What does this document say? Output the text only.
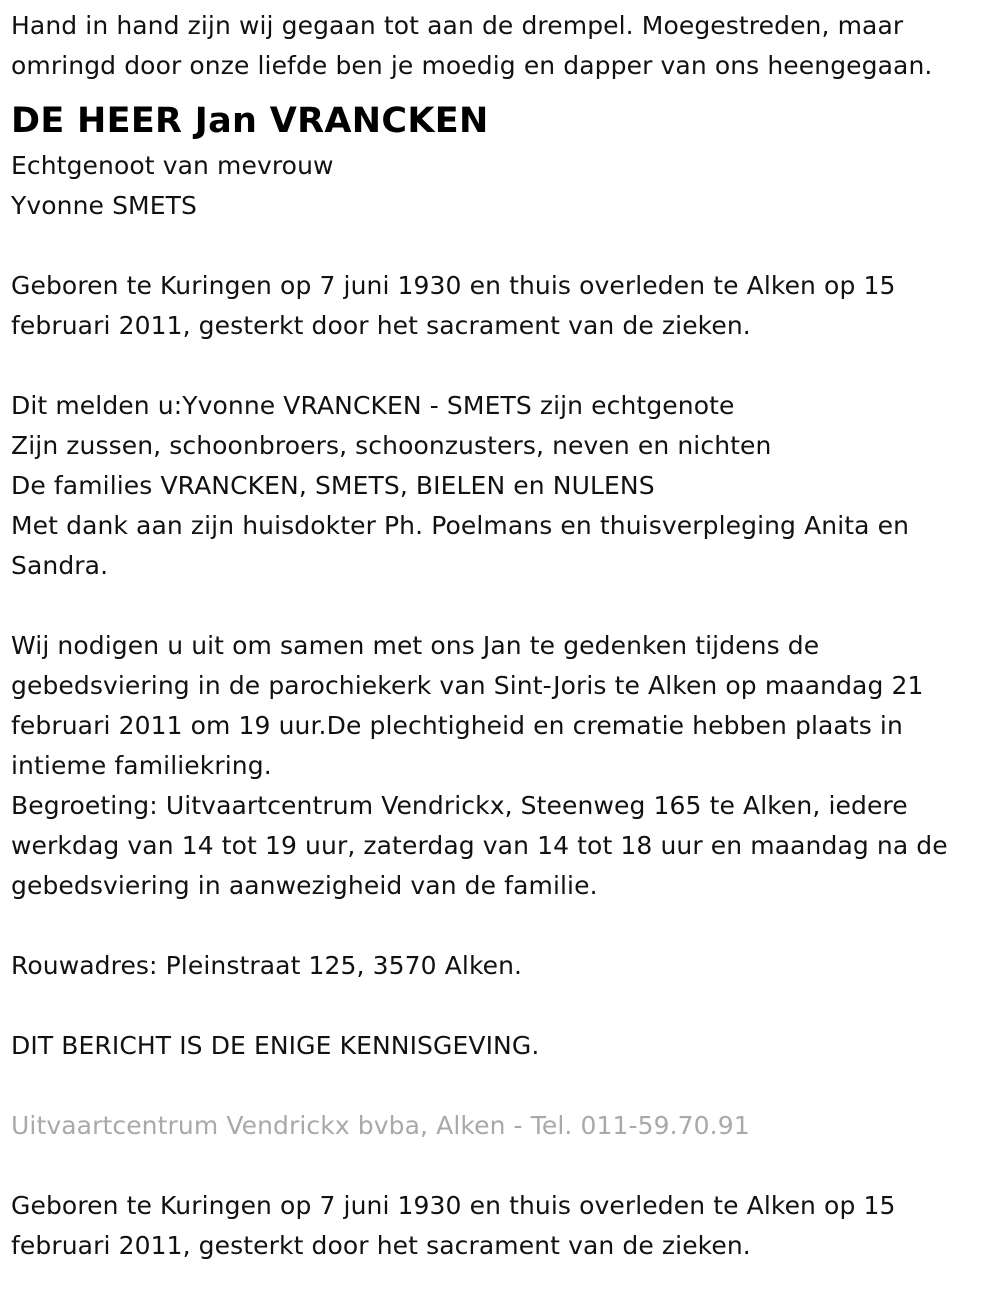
Hand in hand zijn wij gegaan tot aan de drempel. Moegestreden, maar
omringd door onze liefde ben je moedig en dapper van ons heengegaan.
DE HEER Jan VRANCKEN
Echtgenoot van mevrouw
Yvonne SMETS
Geboren te Kuringen op 7 juni 1930 en thuis overleden te Alken op 15
februari 2011, gesterkt door het sacrament van de zieken.
Dit melden u:Yvonne VRANCKEN - SMETS zijn echtgenote
Zijn zussen, schoonbroers, schoonzusters, neven en nichten
De families VRANCKEN, SMETS, BIELEN en NULENS
Met dank aan zijn huisdokter Ph. Poelmans en thuisverpleging Anita en
Sandra.
Wij nodigen u uit om samen met ons Jan te gedenken tijdens de
gebedsviering in de parochiekerk van Sint-Joris te Alken op maandag 21
februari 2011 om 19 uur.De plechtigheid en crematie hebben plaats in
intieme familiekring.
Begroeting: Uitvaartcentrum Vendrickx, Steenweg 165 te Alken, iedere
werkdag van 14 tot 19 uur, zaterdag van 14 tot 18 uur en maandag na de
gebedsviering in aanwezigheid van de familie.
Rouwadres: Pleinstraat 125, 3570 Alken.
DIT BERICHT IS DE ENIGE KENNISGEVING.
Uitvaartcentrum Vendrickx bvba, Alken - Tel. 011-59.70.91
Geboren te Kuringen op 7 juni 1930 en thuis overleden te Alken op 15
februari 2011, gesterkt door het sacrament van de zieken.
